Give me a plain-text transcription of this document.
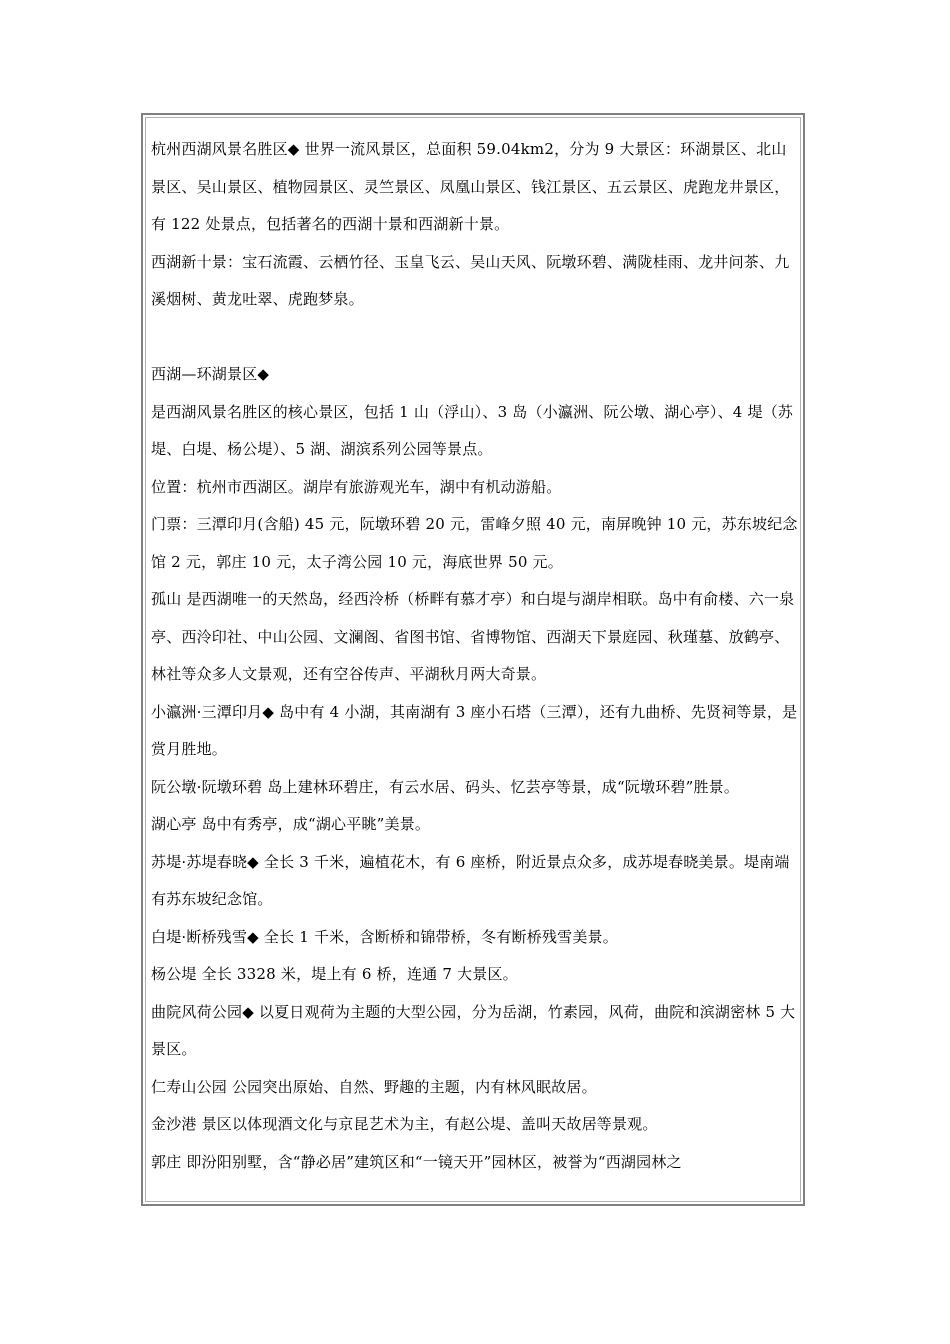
杭州西湖风景名胜区◆ 世界一流风景区，总面积 59.04km2，分为 9 大景区：环湖景区、北山景区、吴山景区、植物园景区、灵竺景区、凤凰山景区、钱江景区、五云景区、虎跑龙井景区，有 122 处景点，包括著名的西湖十景和西湖新十景。

西湖新十景：宝石流霞、云栖竹径、玉皇飞云、吴山天风、阮墩环碧、满陇桂雨、龙井问茶、九溪烟树、黄龙吐翠、虎跑梦泉。

西湖—环湖景区◆

是西湖风景名胜区的核心景区，包括 1 山（浮山）、3 岛（小瀛洲、阮公墩、湖心亭）、4 堤（苏堤、白堤、杨公堤）、5 湖、湖滨系列公园等景点。

位置：杭州市西湖区。湖岸有旅游观光车，湖中有机动游船。

门票：三潭印月(含船) 45 元，阮墩环碧 20 元，雷峰夕照 40 元，南屏晚钟 10 元，苏东坡纪念馆 2 元，郭庄 10 元，太子湾公园 10 元，海底世界 50 元。

孤山 是西湖唯一的天然岛，经西泠桥（桥畔有慕才亭）和白堤与湖岸相联。岛中有俞楼、六一泉亭、西泠印社、中山公园、文澜阁、省图书馆、省博物馆、西湖天下景庭园、秋瑾墓、放鹤亭、林社等众多人文景观，还有空谷传声、平湖秋月两大奇景。

小瀛洲·三潭印月◆ 岛中有 4 小湖，其南湖有 3 座小石塔（三潭），还有九曲桥、先贤祠等景，是赏月胜地。

阮公墩·阮墩环碧 岛上建林环碧庄，有云水居、码头、忆芸亭等景，成“阮墩环碧”胜景。

湖心亭 岛中有秀亭，成“湖心平眺”美景。

苏堤·苏堤春晓◆ 全长 3 千米，遍植花木，有 6 座桥，附近景点众多，成苏堤春晓美景。堤南端有苏东坡纪念馆。

白堤·断桥残雪◆ 全长 1 千米，含断桥和锦带桥，冬有断桥残雪美景。

杨公堤 全长 3328 米，堤上有 6 桥，连通 7 大景区。

曲院风荷公园◆ 以夏日观荷为主题的大型公园，分为岳湖，竹素园，风荷，曲院和滨湖密林 5 大景区。

仁寿山公园 公园突出原始、自然、野趣的主题，内有林风眠故居。

金沙港 景区以体现酒文化与京昆艺术为主，有赵公堤、盖叫天故居等景观。

郭庄 即汾阳别墅，含“静必居”建筑区和“一镜天开”园林区，被誉为“西湖园林之
